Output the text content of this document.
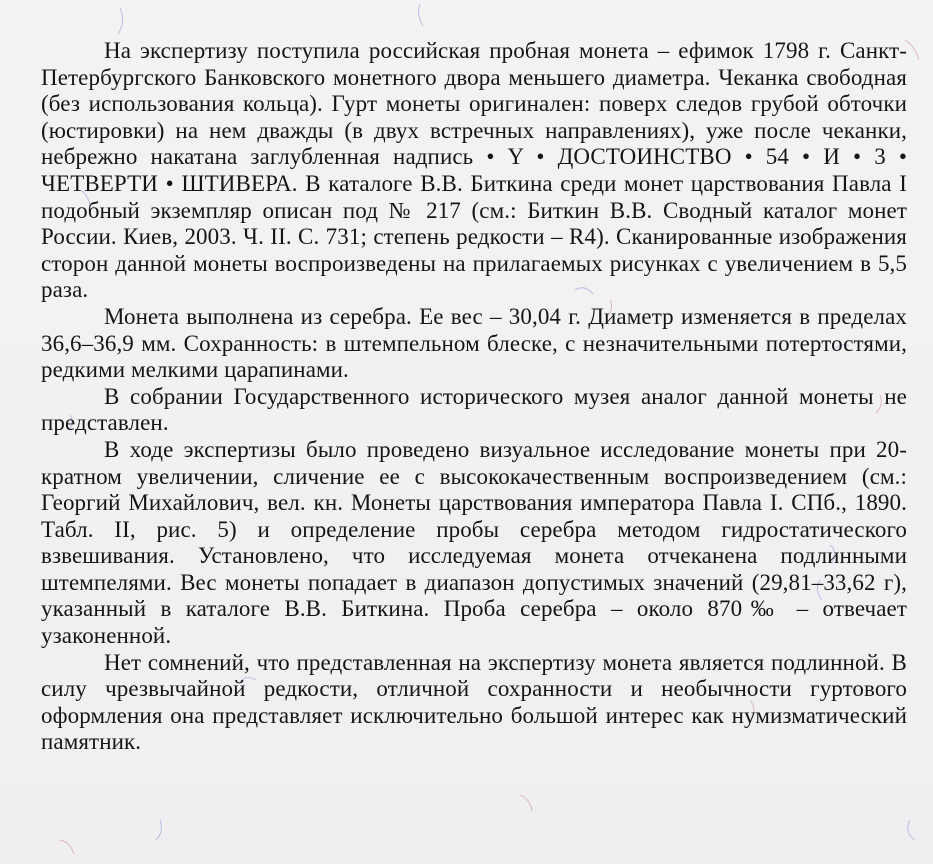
На экспертизу поступила российская пробная монета – ефимок 1798 г. Санкт-Петербургского Банковского монетного двора меньшего диаметра. Чеканка свободная (без использования кольца). Гурт монеты оригинален: поверх следов грубой обточки (юстировки) на нем дважды (в двух встречных направлениях), уже после чеканки, небрежно накатана заглубленная надпись • Y • ДОСТОИНСТВО • 54 • И • 3 • ЧЕТВЕРТИ • ШТИВЕРА. В каталоге В.В. Биткина среди монет царствования Павла I подобный экземпляр описан под № 217 (см.: Биткин В.В. Сводный каталог монет России. Киев, 2003. Ч. II. С. 731; степень редкости – R4). Сканированные изображения сторон данной монеты воспроизведены на прилагаемых рисунках с увеличением в 5,5 раза.

Монета выполнена из серебра. Ее вес – 30,04 г. Диаметр изменяется в пределах 36,6–36,9 мм. Сохранность: в штемпельном блеске, с незначительными потертостями, редкими мелкими царапинами.

В собрании Государственного исторического музея аналог данной монеты не представлен.

В ходе экспертизы было проведено визуальное исследование монеты при 20-кратном увеличении, сличение ее с высококачественным воспроизведением (см.: Георгий Михайлович, вел. кн. Монеты царствования императора Павла I. СПб., 1890. Табл. II, рис. 5) и определение пробы серебра методом гидростатического взвешивания. Установлено, что исследуемая монета отчеканена подлинными штемпелями. Вес монеты попадает в диапазон допустимых значений (29,81–33,62 г), указанный в каталоге В.В. Биткина. Проба серебра – около 870‰ – отвечает узаконенной.

Нет сомнений, что представленная на экспертизу монета является подлинной. В силу чрезвычайной редкости, отличной сохранности и необычности гуртового оформления она представляет исключительно большой интерес как нумизматический памятник.
